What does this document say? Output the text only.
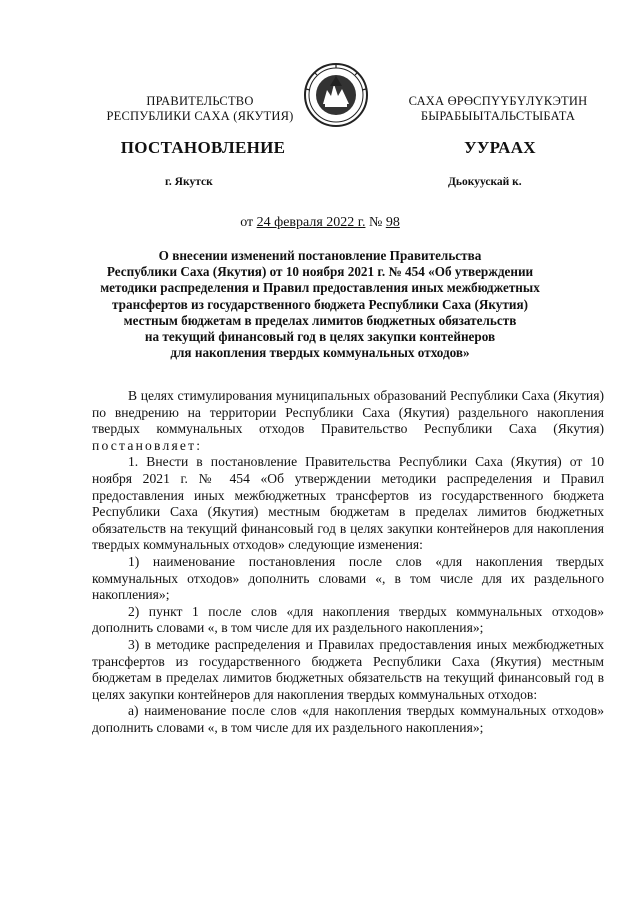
ПРАВИТЕЛЬСТВО
РЕСПУБЛИКИ САХА (ЯКУТИЯ)
САХА ӨРӨСПҮҮБҮЛҮКЭТИН
БЫРАБЫЫТАЛЬСТЫБАТА
ПОСТАНОВЛЕНИЕ	УУРААХ
г. Якутск	Дьокуускай к.
от 24 февраля 2022 г. № 98
О внесении изменений постановление Правительства
Республики Саха (Якутия) от 10 ноября 2021 г. № 454 «Об утверждении
методики распределения и Правил предоставления иных межбюджетных
трансфертов из государственного бюджета Республики Саха (Якутия)
местным бюджетам в пределах лимитов бюджетных обязательств
на текущий финансовый год в целях закупки контейнеров
для накопления твердых коммунальных отходов»

В целях стимулирования муниципальных образований Республики Саха (Якутия) по внедрению на территории Республики Саха (Якутия) раздельного накопления твердых коммунальных отходов Правительство Республики Саха (Якутия) постановляет:

1. Внести в постановление Правительства Республики Саха (Якутия) от 10 ноября 2021 г. № 454 «Об утверждении методики распределения и Правил предоставления иных межбюджетных трансфертов из государственного бюджета Республики Саха (Якутия) местным бюджетам в пределах лимитов бюджетных обязательств на текущий финансовый год в целях закупки контейнеров для накопления твердых коммунальных отходов» следующие изменения:

1) наименование постановления после слов «для накопления твердых коммунальных отходов» дополнить словами «, в том числе для их раздельного накопления»;

2) пункт 1 после слов «для накопления твердых коммунальных отходов» дополнить словами «, в том числе для их раздельного накопления»;

3) в методике распределения и Правилах предоставления иных межбюджетных трансфертов из государственного бюджета Республики Саха (Якутия) местным бюджетам в пределах лимитов бюджетных обязательств на текущий финансовый год в целях закупки контейнеров для накопления твердых коммунальных отходов:

а) наименование после слов «для накопления твердых коммунальных отходов» дополнить словами «, в том числе для их раздельного накопления»;
